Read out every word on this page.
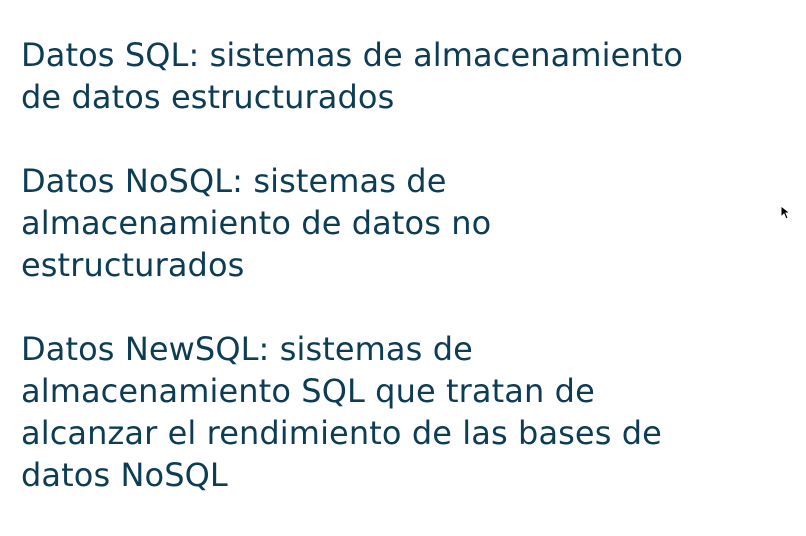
Datos SQL: sistemas de almacenamiento
de datos estructurados

Datos NoSQL: sistemas de
almacenamiento de datos no
estructurados

Datos NewSQL: sistemas de
almacenamiento SQL que tratan de
alcanzar el rendimiento de las bases de
datos NoSQL
